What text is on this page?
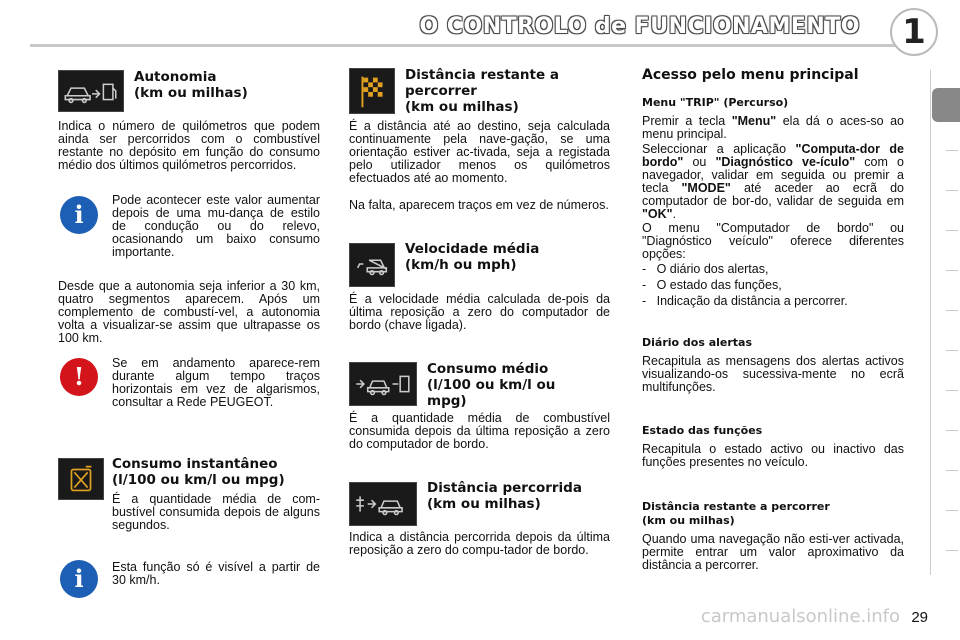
O CONTROLO de FUNCIONAMENTO	1
Autonomia
(km ou milhas)
Indica o número de quilómetros que podem ainda ser percorridos com o combustível restante no depósito em função do consumo médio dos últimos quilómetros percorridos.
i	Pode acontecer este valor aumentar depois de uma mu-dança de estilo de condução ou do relevo, ocasionando um baixo consumo importante.
Desde que a autonomia seja inferior a 30 km, quatro segmentos aparecem. Após um complemento de combustí-vel, a autonomia volta a visualizar-se assim que ultrapasse os 100 km.
!	Se em andamento aparece-rem durante algum tempo traços horizontais em vez de algarismos, consultar a Rede PEUGEOT.
Consumo instantâneo
(l/100 ou km/l ou mpg)
É a quantidade média de com-bustível consumida depois de alguns segundos.
i	Esta função só é visível a partir de 30 km/h.
Distância restante a
percorrer
(km ou milhas)
É a distância até ao destino, seja calculada continuamente pela nave-gação, se uma orientação estiver ac-tivada, seja a registada pelo utilizador menos os quilómetros efectuados até ao momento.
Na falta, aparecem traços em vez de números.
Velocidade média
(km/h ou mph)
É a velocidade média calculada de-pois da última reposição a zero do computador de bordo (chave ligada).
Consumo médio
(l/100 ou km/l ou
mpg)
É a quantidade média de combustível consumida depois da última reposição a zero do computador de bordo.
Distância percorrida
(km ou milhas)
Indica a distância percorrida depois da última reposição a zero do compu-tador de bordo.
Acesso pelo menu principal
Menu "TRIP" (Percurso)
Premir a tecla "Menu" ela dá o aces-so ao menu principal.
Seleccionar a aplicação "Computa-dor de bordo" ou "Diagnóstico ve-ículo" com o navegador, validar em seguida ou premir a tecla "MODE" até aceder ao ecrã do computador de bor-do, validar de seguida em "OK".
O menu "Computador de bordo" ou "Diagnóstico veículo" oferece diferentes opções:
-   O diário dos alertas,
-   O estado das funções,
-   Indicação da distância a percorrer.
Diário dos alertas
Recapitula as mensagens dos alertas activos visualizando-os sucessiva-mente no ecrã multifunções.
Estado das funções
Recapitula o estado activo ou inactivo das funções presentes no veículo.
Distância restante a percorrer
(km ou milhas)
Quando uma navegação não esti-ver activada, permite entrar um valor aproximativo da distância a percorrer.
carmanualsonline.info 29
